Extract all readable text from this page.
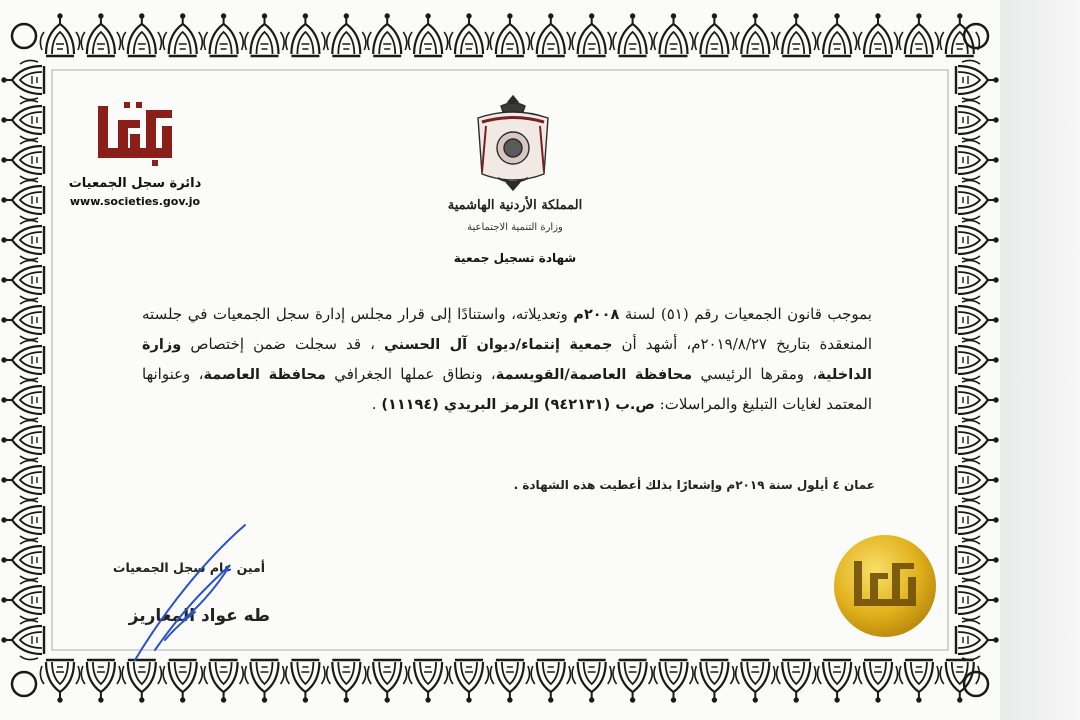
دائرة سجل الجمعيات
www.societies.gov.jo	المملكة الأردنية الهاشمية
وزارة التنمية الاجتماعية
شهادة تسجيل جمعية
بموجب قانون الجمعيات رقم (٥١) لسنة ٢٠٠٨م وتعديلاته، واستنادًا إلى قرار مجلس إدارة سجل الجمعيات في جلسته المنعقدة بتاريخ ٢٠١٩/٨/٢٧م، أشهد أن جمعية إنتماء/ديوان آل الحسني ، قد سجلت ضمن إختصاص وزارة الداخلية، ومقرها الرئيسي محافظة العاصمة/القويسمة، ونطاق عملها الجغرافي محافظة العاصمة، وعنوانها المعتمد لغايات التبليغ والمراسلات: ص.ب (٩٤٢١٣١) الرمز البريدي (١١١٩٤) .
عمان ٤ أيلول سنة ٢٠١٩م وإشعارًا بذلك أعطيت هذه الشهادة .
أمين عام سجل الجمعيات
طه عواد المغاريز
